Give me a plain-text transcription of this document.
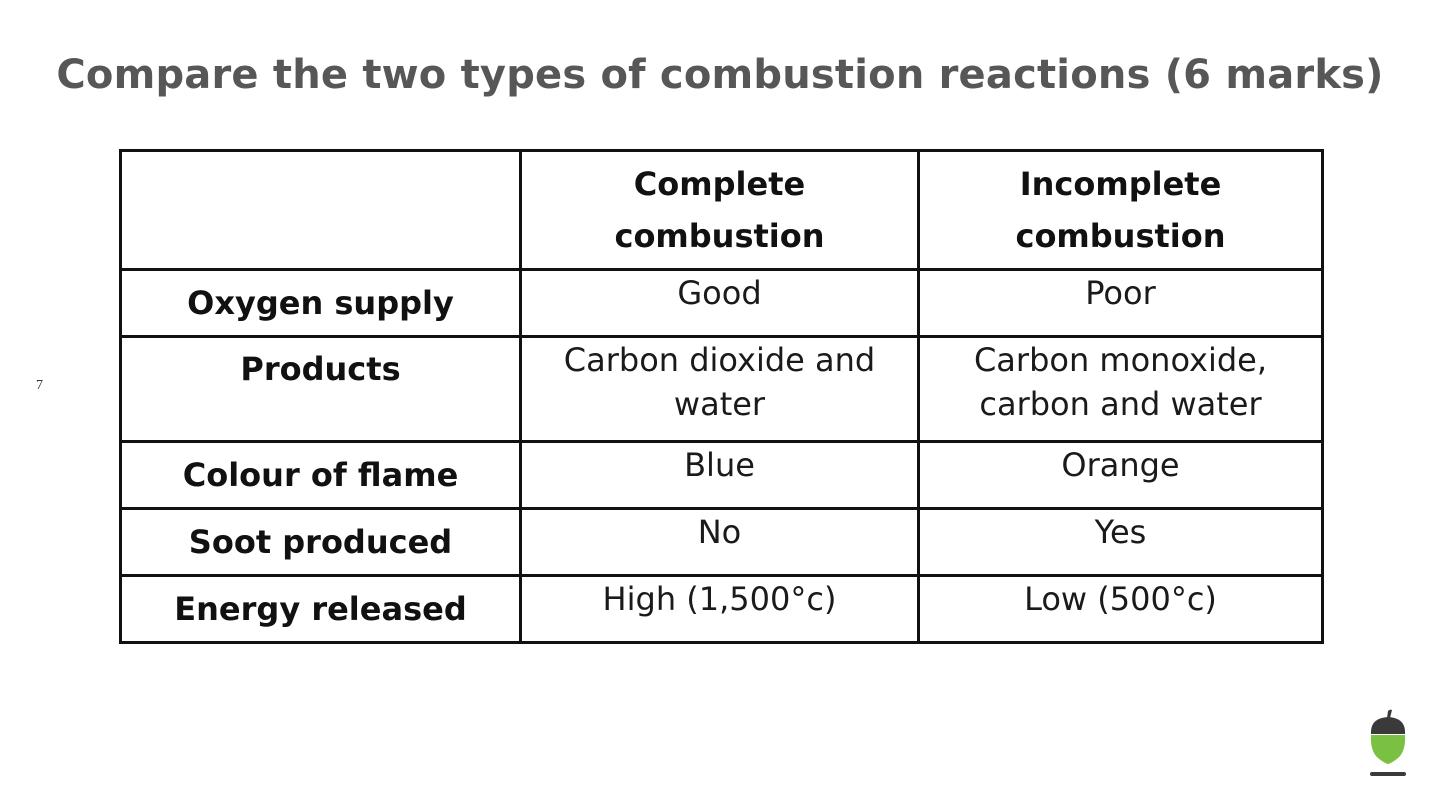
Compare the two types of combustion reactions (6 marks)
7
	Complete combustion	Incomplete combustion
Oxygen supply	Good	Poor
Products	Carbon dioxide and water	Carbon monoxide, carbon and water
Colour of flame	Blue	Orange
Soot produced	No	Yes
Energy released	High (1,500°c)	Low (500°c)
